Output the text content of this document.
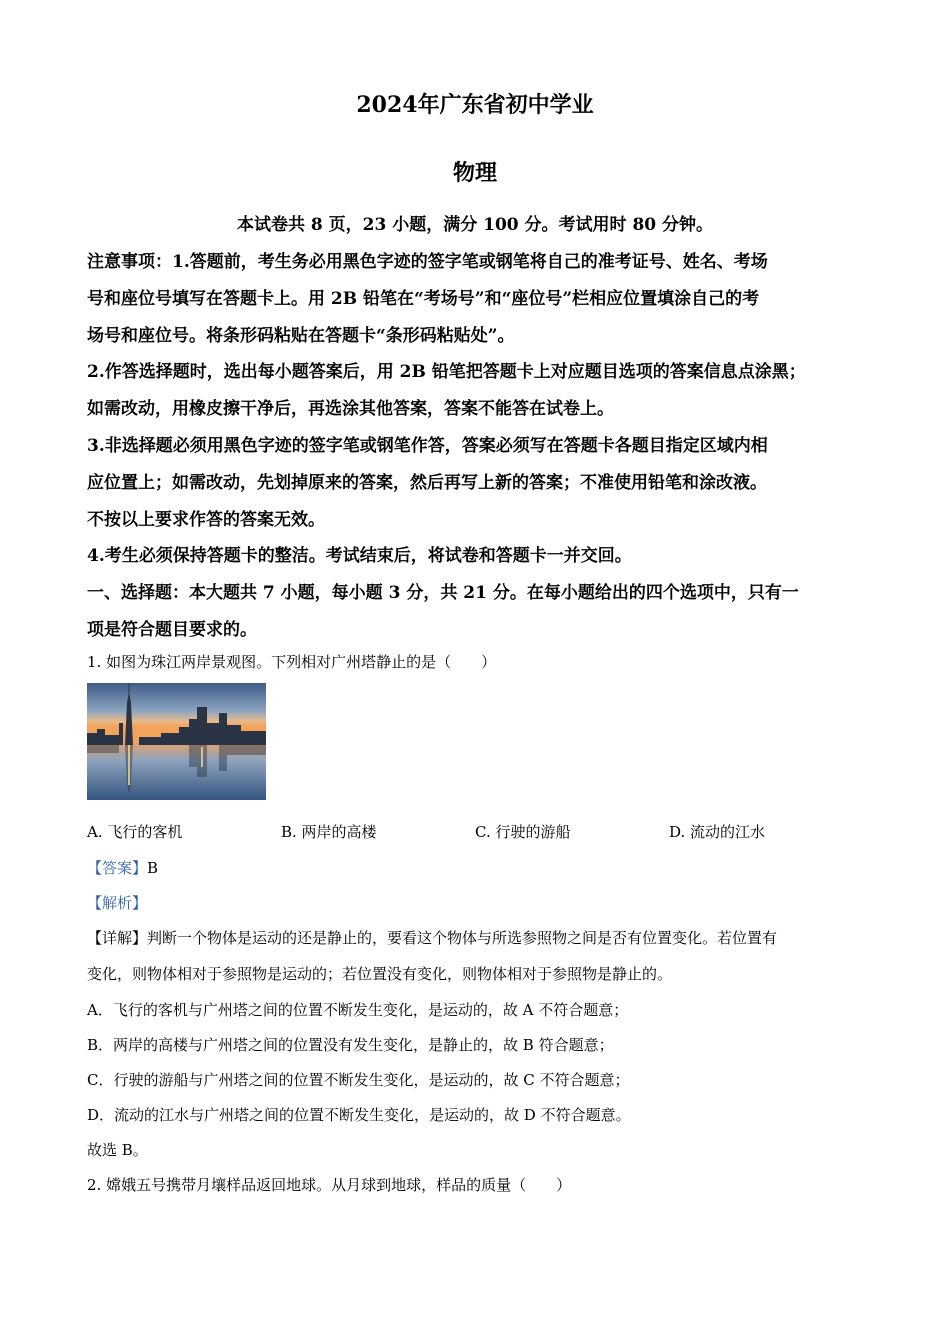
2024年广东省初中学业
物理
本试卷共 8 页，23 小题，满分 100 分。考试用时 80 分钟。
注意事项：1.答题前，考生务必用黑色字迹的签字笔或钢笔将自己的准考证号、姓名、考场
号和座位号填写在答题卡上。用 2B 铅笔在“考场号”和“座位号”栏相应位置填涂自己的考
场号和座位号。将条形码粘贴在答题卡“条形码粘贴处”。
2.作答选择题时，选出每小题答案后，用 2B 铅笔把答题卡上对应题目选项的答案信息点涂黑；
如需改动，用橡皮擦干净后，再选涂其他答案，答案不能答在试卷上。
3.非选择题必须用黑色字迹的签字笔或钢笔作答，答案必须写在答题卡各题目指定区域内相
应位置上；如需改动，先划掉原来的答案，然后再写上新的答案；不准使用铅笔和涂改液。
不按以上要求作答的答案无效。
4.考生必须保持答题卡的整洁。考试结束后，将试卷和答题卡一并交回。
一、选择题：本大题共 7 小题，每小题 3 分，共 21 分。在每小题给出的四个选项中，只有一
项是符合题目要求的。
1. 如图为珠江两岸景观图。下列相对广州塔静止的是（　　）
A. 飞行的客机	B. 两岸的高楼	C. 行驶的游船	D. 流动的江水
【答案】B
【解析】
【详解】判断一个物体是运动的还是静止的，要看这个物体与所选参照物之间是否有位置变化。若位置有
变化，则物体相对于参照物是运动的；若位置没有变化，则物体相对于参照物是静止的。
A．飞行的客机与广州塔之间的位置不断发生变化，是运动的，故 A 不符合题意；
B．两岸的高楼与广州塔之间的位置没有发生变化，是静止的，故 B 符合题意；
C．行驶的游船与广州塔之间的位置不断发生变化，是运动的，故 C 不符合题意；
D．流动的江水与广州塔之间的位置不断发生变化，是运动的，故 D 不符合题意。
故选 B。
2. 嫦娥五号携带月壤样品返回地球。从月球到地球，样品的质量（　　）
